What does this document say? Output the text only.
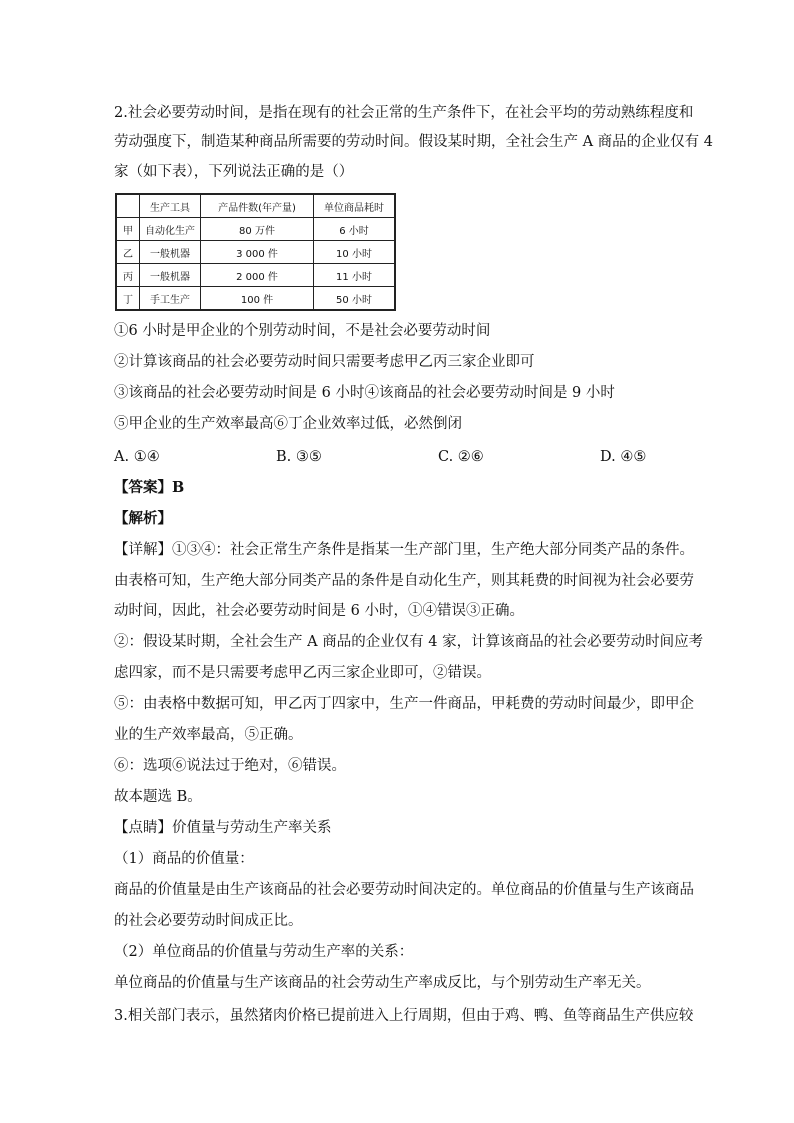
2.社会必要劳动时间，是指在现有的社会正常的生产条件下，在社会平均的劳动熟练程度和
劳动强度下，制造某种商品所需要的劳动时间。假设某时期，全社会生产 A 商品的企业仅有 4
家（如下表），下列说法正确的是（）
	生产工具	产品件数(年产量)	单位商品耗时
甲	自动化生产	80 万件	6 小时
乙	一般机器	3 000 件	10 小时
丙	一般机器	2 000 件	11 小时
丁	手工生产	100 件	50 小时
①6 小时是甲企业的个别劳动时间，不是社会必要劳动时间
②计算该商品的社会必要劳动时间只需要考虑甲乙丙三家企业即可
③该商品的社会必要劳动时间是 6 小时④该商品的社会必要劳动时间是 9 小时
⑤甲企业的生产效率最高⑥丁企业效率过低，必然倒闭
A. ①④	B. ③⑤	C. ②⑥	D. ④⑤
【答案】B
【解析】
【详解】①③④：社会正常生产条件是指某一生产部门里，生产绝大部分同类产品的条件。
由表格可知，生产绝大部分同类产品的条件是自动化生产，则其耗费的时间视为社会必要劳
动时间，因此，社会必要劳动时间是 6 小时，①④错误③正确。
②：假设某时期，全社会生产 A 商品的企业仅有 4 家，计算该商品的社会必要劳动时间应考
虑四家，而不是只需要考虑甲乙丙三家企业即可，②错误。
⑤：由表格中数据可知，甲乙丙丁四家中，生产一件商品，甲耗费的劳动时间最少，即甲企
业的生产效率最高，⑤正确。
⑥：选项⑥说法过于绝对，⑥错误。
故本题选 B。
【点睛】价值量与劳动生产率关系
（1）商品的价值量：
商品的价值量是由生产该商品的社会必要劳动时间决定的。单位商品的价值量与生产该商品
的社会必要劳动时间成正比。
（2）单位商品的价值量与劳动生产率的关系：
单位商品的价值量与生产该商品的社会劳动生产率成反比，与个别劳动生产率无关。
3.相关部门表示，虽然猪肉价格已提前进入上行周期，但由于鸡、鸭、鱼等商品生产供应较
